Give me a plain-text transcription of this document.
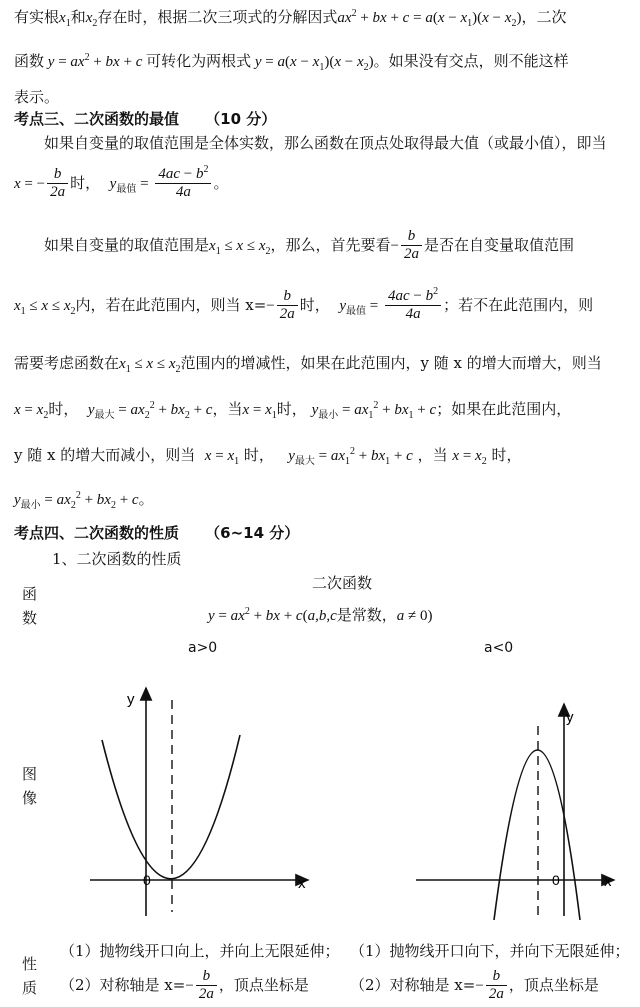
有实根$x_1$和$x_2$存在时，根据二次三项式的分解因式$ax^2$ + bx + $c = a(x - x_1)(x - x_2)$，二次
函数 $y = ax^2$ + bx + c 可转化为两根式 $y = a(x - x_1)(x - x_2)$。如果没有交点，则不能这样
表示。
考点三、二次函数的最值 （10 分）
如果自变量的取值范围是全体实数，那么函数在顶点处取得最大值（或最小值），即当
x = − $\frac{b}{2a}$ 时， $y_{最值} = \frac{4ac - b^2}{4a}$ 。
如果自变量的取值范围是$x_1 \le x \le x_2$，那么，首先要看− $\frac{b}{2a}$ 是否在自变量取值范围
$x_1 \le x \le x_2$内，若在此范围内，则当 $x=- \frac{b}{2a}$ 时， $y_{最值} = \frac{4ac - b^2}{4a}$ ；若不在此范围内，则
需要考虑函数在$x_1 \le x \le x_2$范围内的增减性，如果在此范围内，y 随 x 的增大而增大，则当
$x = x_2$时， $y_{最大} = ax_2^2 + bx_2 + c$，当$x = x_1$时， $y_{最小} = ax_1^2 + bx_1 + c$；如果在此范围内，
y 随 x 的增大而减小，则当 $x = x_1$ 时， $y_{最大} = ax_1^2 + bx_1 + c$ ，当 $x = x_2$ 时，
$y_{最小} = ax_2^2 + bx_2 + c$。
考点四、二次函数的性质 （6~14 分）
1、二次函数的性质
二次函数
函
数	$y = ax^2$ + bx + c(a,b,c是常数，a ≠ 0)
a>0	a<0
图
像
y
x
0
y
x
0
性
质
（1）抛物线开口向上，并向上无限延伸；
（2）对称轴是 $x=- \frac{b}{2a}$ ，顶点坐标是
（1）抛物线开口向下，并向下无限延伸；
（2）对称轴是 $x=- \frac{b}{2a}$ ，顶点坐标是
